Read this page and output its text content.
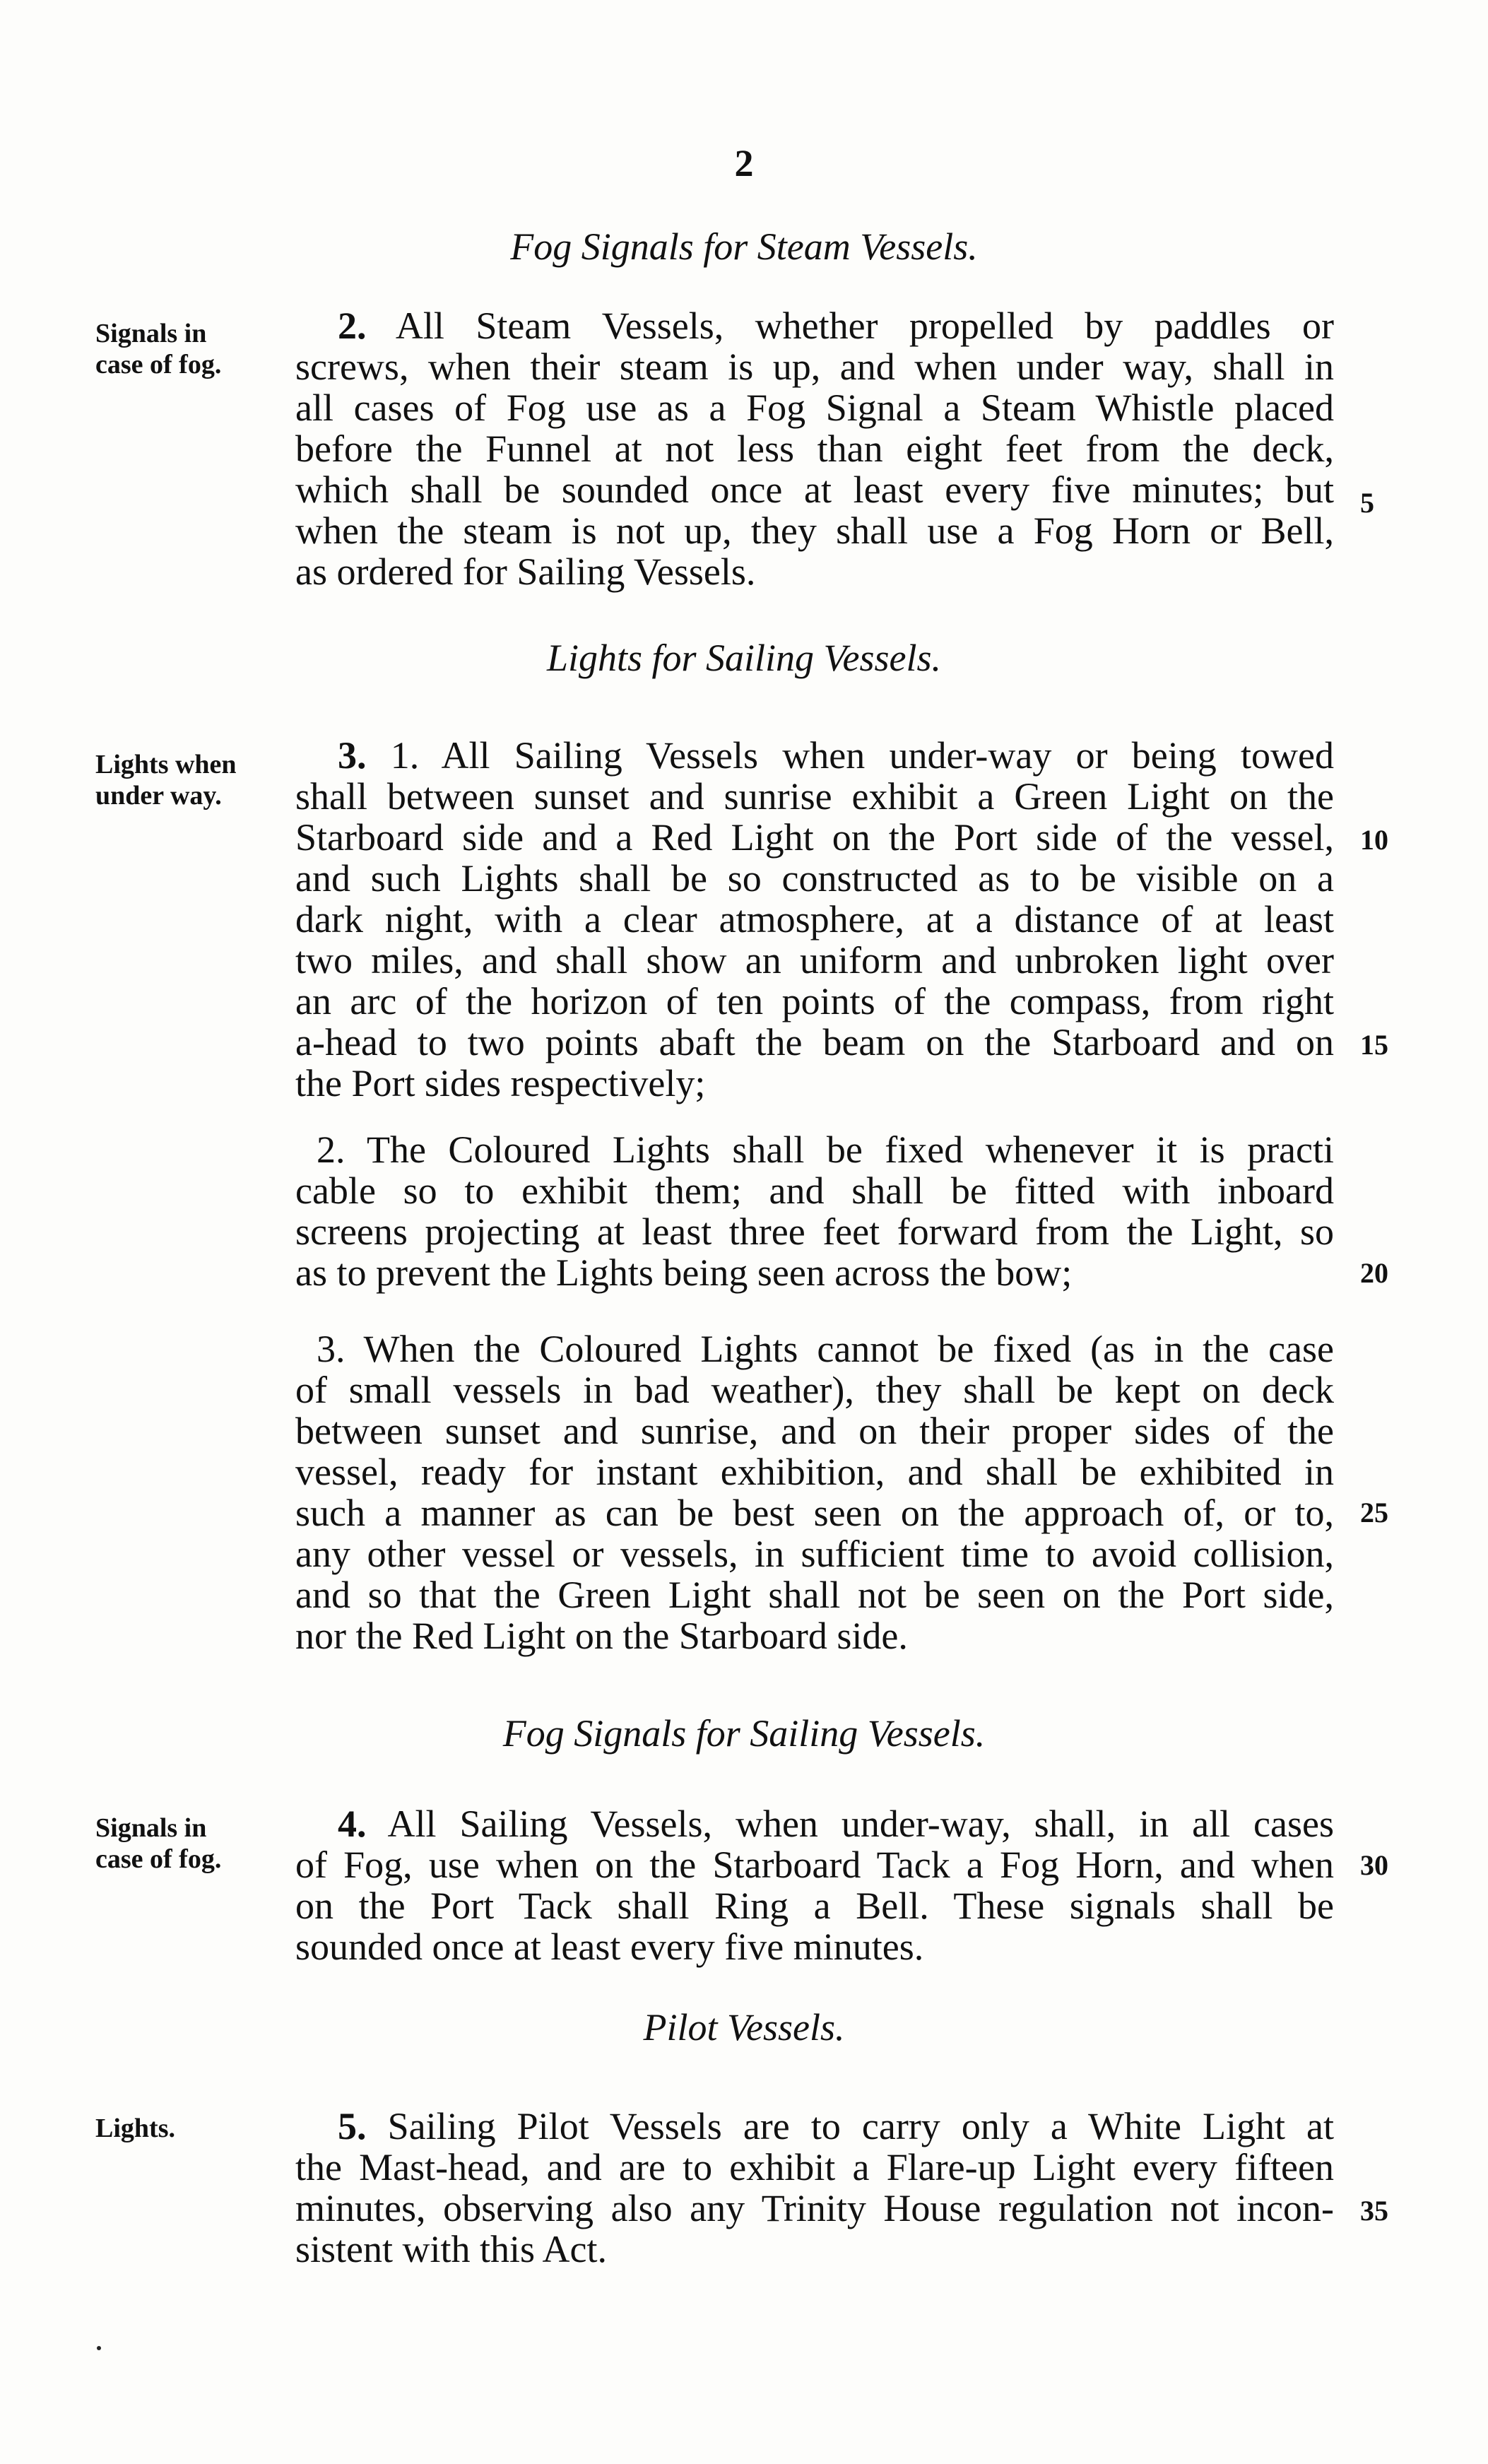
2
Fog Signals for Steam Vessels.
Signals in
case of fog.
2. All Steam Vessels, whether propelled by paddles or
screws, when their steam is up, and when under way, shall in
all cases of Fog use as a Fog Signal a Steam Whistle placed
before the Funnel at not less than eight feet from the deck,
which shall be sounded once at least every five minutes; but
when the steam is not up, they shall use a Fog Horn or Bell,
as ordered for Sailing Vessels.
5
Lights for Sailing Vessels.
Lights when
under way.
3. 1. All Sailing Vessels when under-way or being towed
shall between sunset and sunrise exhibit a Green Light on the
Starboard side and a Red Light on the Port side of the vessel,
and such Lights shall be so constructed as to be visible on a
dark night, with a clear atmosphere, at a distance of at least
two miles, and shall show an uniform and unbroken light over
an arc of the horizon of ten points of the compass, from right
a-head to two points abaft the beam on the Starboard and on
the Port sides respectively;
10
15
2. The Coloured Lights shall be fixed whenever it is practi
cable so to exhibit them; and shall be fitted with inboard
screens projecting at least three feet forward from the Light, so
as to prevent the Lights being seen across the bow;	20
3. When the Coloured Lights cannot be fixed (as in the case
of small vessels in bad weather), they shall be kept on deck
between sunset and sunrise, and on their proper sides of the
vessel, ready for instant exhibition, and shall be exhibited in
such a manner as can be best seen on the approach of, or to,
any other vessel or vessels, in sufficient time to avoid collision,
and so that the Green Light shall not be seen on the Port side,
nor the Red Light on the Starboard side.
25
Fog Signals for Sailing Vessels.
Signals in
case of fog.
4. All Sailing Vessels, when under-way, shall, in all cases
of Fog, use when on the Starboard Tack a Fog Horn, and when
on the Port Tack shall Ring a Bell. These signals shall be
sounded once at least every five minutes.
30
Pilot Vessels.
Lights.	5. Sailing Pilot Vessels are to carry only a White Light at
the Mast-head, and are to exhibit a Flare-up Light every fifteen
minutes, observing also any Trinity House regulation not incon-
sistent with this Act.
35
